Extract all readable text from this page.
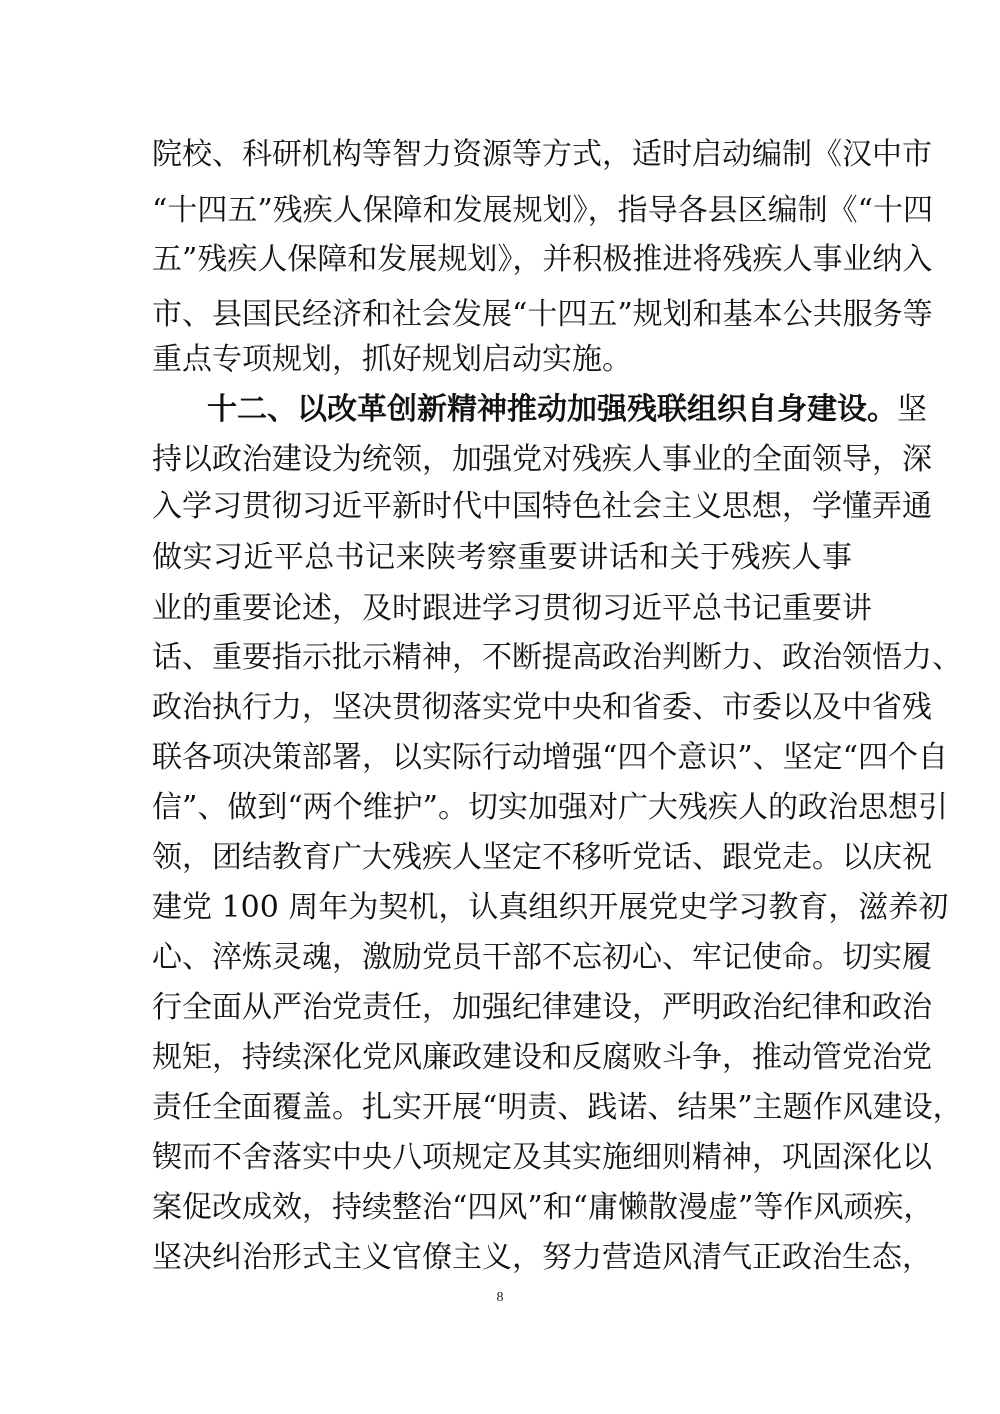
院校、科研机构等智力资源等方式，适时启动编制《汉中市
“十四五”残疾人保障和发展规划》，指导各县区编制《“十四
五”残疾人保障和发展规划》，并积极推进将残疾人事业纳入
市、县国民经济和社会发展“十四五”规划和基本公共服务等
重点专项规划，抓好规划启动实施。
十二、以改革创新精神推动加强残联组织自身建设。坚
持以政治建设为统领，加强党对残疾人事业的全面领导，深
入学习贯彻习近平新时代中国特色社会主义思想，学懂弄通
做实习近平总书记来陕考察重要讲话和关于残疾人事
业的重要论述，及时跟进学习贯彻习近平总书记重要讲
话、重要指示批示精神，不断提高政治判断力、政治领悟力、
政治执行力，坚决贯彻落实党中央和省委、市委以及中省残
联各项决策部署，以实际行动增强“四个意识”、坚定“四个自
信”、做到“两个维护”。切实加强对广大残疾人的政治思想引
领，团结教育广大残疾人坚定不移听党话、跟党走。以庆祝
建党 100 周年为契机，认真组织开展党史学习教育，滋养初
心、淬炼灵魂，激励党员干部不忘初心、牢记使命。切实履
行全面从严治党责任，加强纪律建设，严明政治纪律和政治
规矩，持续深化党风廉政建设和反腐败斗争，推动管党治党
责任全面覆盖。扎实开展“明责、践诺、结果”主题作风建设，
锲而不舍落实中央八项规定及其实施细则精神，巩固深化以
案促改成效，持续整治“四风”和“庸懒散漫虚”等作风顽疾，
坚决纠治形式主义官僚主义，努力营造风清气正政治生态，
8
